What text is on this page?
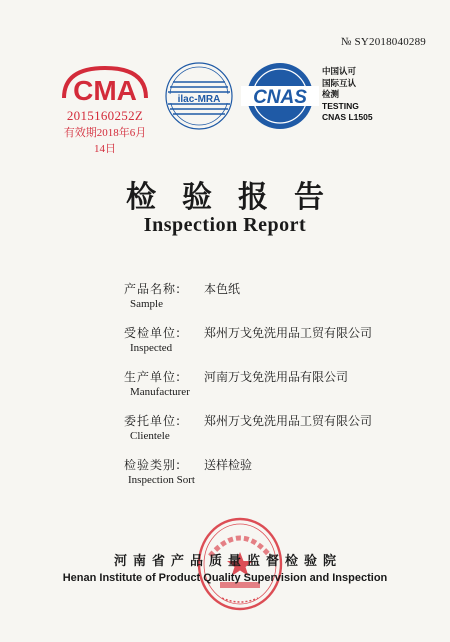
№ SY2018040289
CMA
2015160252Z
有效期2018年6月14日
ilac-MRA CNAS
中国认可
国际互认
检测
TESTING
CNAS L1505
检验报告
Inspection Report
产品名称:
Sample
本色纸
受检单位:
Inspected
郑州万戈免洗用品工贸有限公司
生产单位:
Manufacturer
河南万戈免洗用品有限公司
委托单位:
Clientele
郑州万戈免洗用品工贸有限公司
检验类别:
Inspection Sort
送样检验
河南省产品质量监督检验院
Henan Institute of Product Quality Supervision and Inspection
